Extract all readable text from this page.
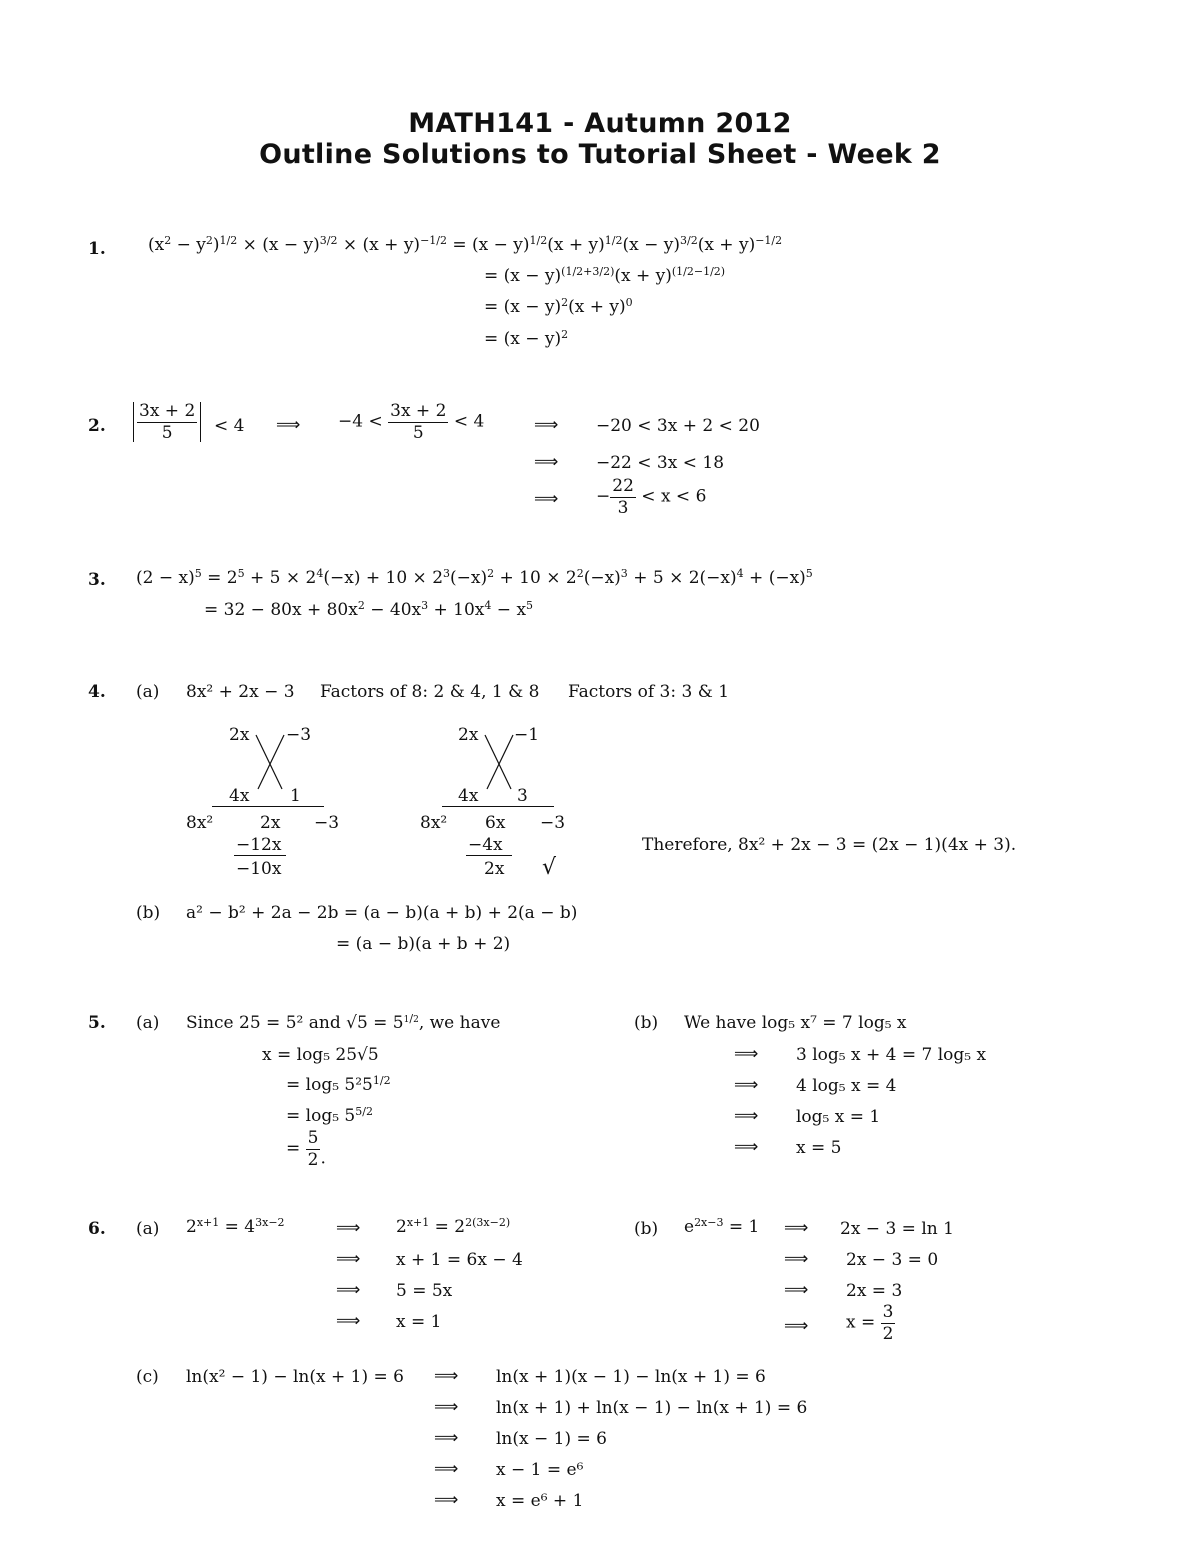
MATH141 - Autumn 2012
Outline Solutions to Tutorial Sheet - Week 2
1. $(x^2 - y^2)^{1/2} \times (x - y)^{3/2} \times (x + y)^{-1/2} = (x - y)^{1/2}(x + y)^{1/2}(x - y)^{3/2}(x + y)^{-1/2}$
= $(x - y)^{(1/2+3/2)}(x + y)^{(1/2-1/2)}$
= $(x - y)^2(x + y)^0$
= $(x - y)^2$
2. $\frac{3x + 2}{5} < 4$ ⟹ $-4 < \frac{3x + 2}{5} < 4$	⟹ −20 < 3x + 2 < 20
⟹ −22 < 3x < 18
⟹ − $\frac{22}{3} < x < 6$
3. $(2 - x)^5 = 2^5 + 5 \times 2^4(-x) + 10 \times 2^3(-x)^2 + 10 \times 2^2(-x)^3 + 5 \times 2(-x)^4 + (-x)^5$
= $32 - 80x + 80x^2 - 40x^3 + 10x^4 - x^5$
4. (a) 8x² + 2x − 3 Factors of 8: 2 & 4, 1 & 8 Factors of 3: 3 & 1
2x −3
4x 1
8x²	2x −3
−12x
−10x
2x −1
4x 3
8x² 6x −3
−4x
2x √
Therefore, 8x² + 2x − 3 = (2x − 1)(4x + 3).
(b) a² − b² + 2a − 2b = (a − b)(a + b) + 2(a − b)
= (a − b)(a + b + 2)
5. (a) Since 25 = 5² and $√5 = 5^{1/2}$, we have
x = log₅ 25√5
= log₅ $5^25^{1/2}$
= log₅ $5^{5/2}$
= $\frac{5}{2}$ .
(b) We have log₅ x⁷ = 7 log₅ x
⟹ 3 log₅ x + 4 = 7 log₅ x
⟹ 4 log₅ x = 4
⟹ log₅ x = 1
⟹ x = 5
6. (a) $2^{x+1} = 4^{3x-2}$	⟹ $2^{x+1} = 2^{2(3x-2)}$
⟹ x + 1 = 6x − 4
⟹ 5 = 5x
⟹ x = 1
(b) $e^{2x-3} = 1$ ⟹ 2x − 3 = ln 1
⟹ 2x − 3 = 0
⟹ 2x = 3
⟹ $x = \frac{3}{2}$
(c) ln(x² − 1) − ln(x + 1) = 6 ⟹ ln(x + 1)(x − 1) − ln(x + 1) = 6
⟹ ln(x + 1) + ln(x − 1) − ln(x + 1) = 6
⟹ ln(x − 1) = 6
⟹ x − 1 = e⁶
⟹ x = e⁶ + 1
